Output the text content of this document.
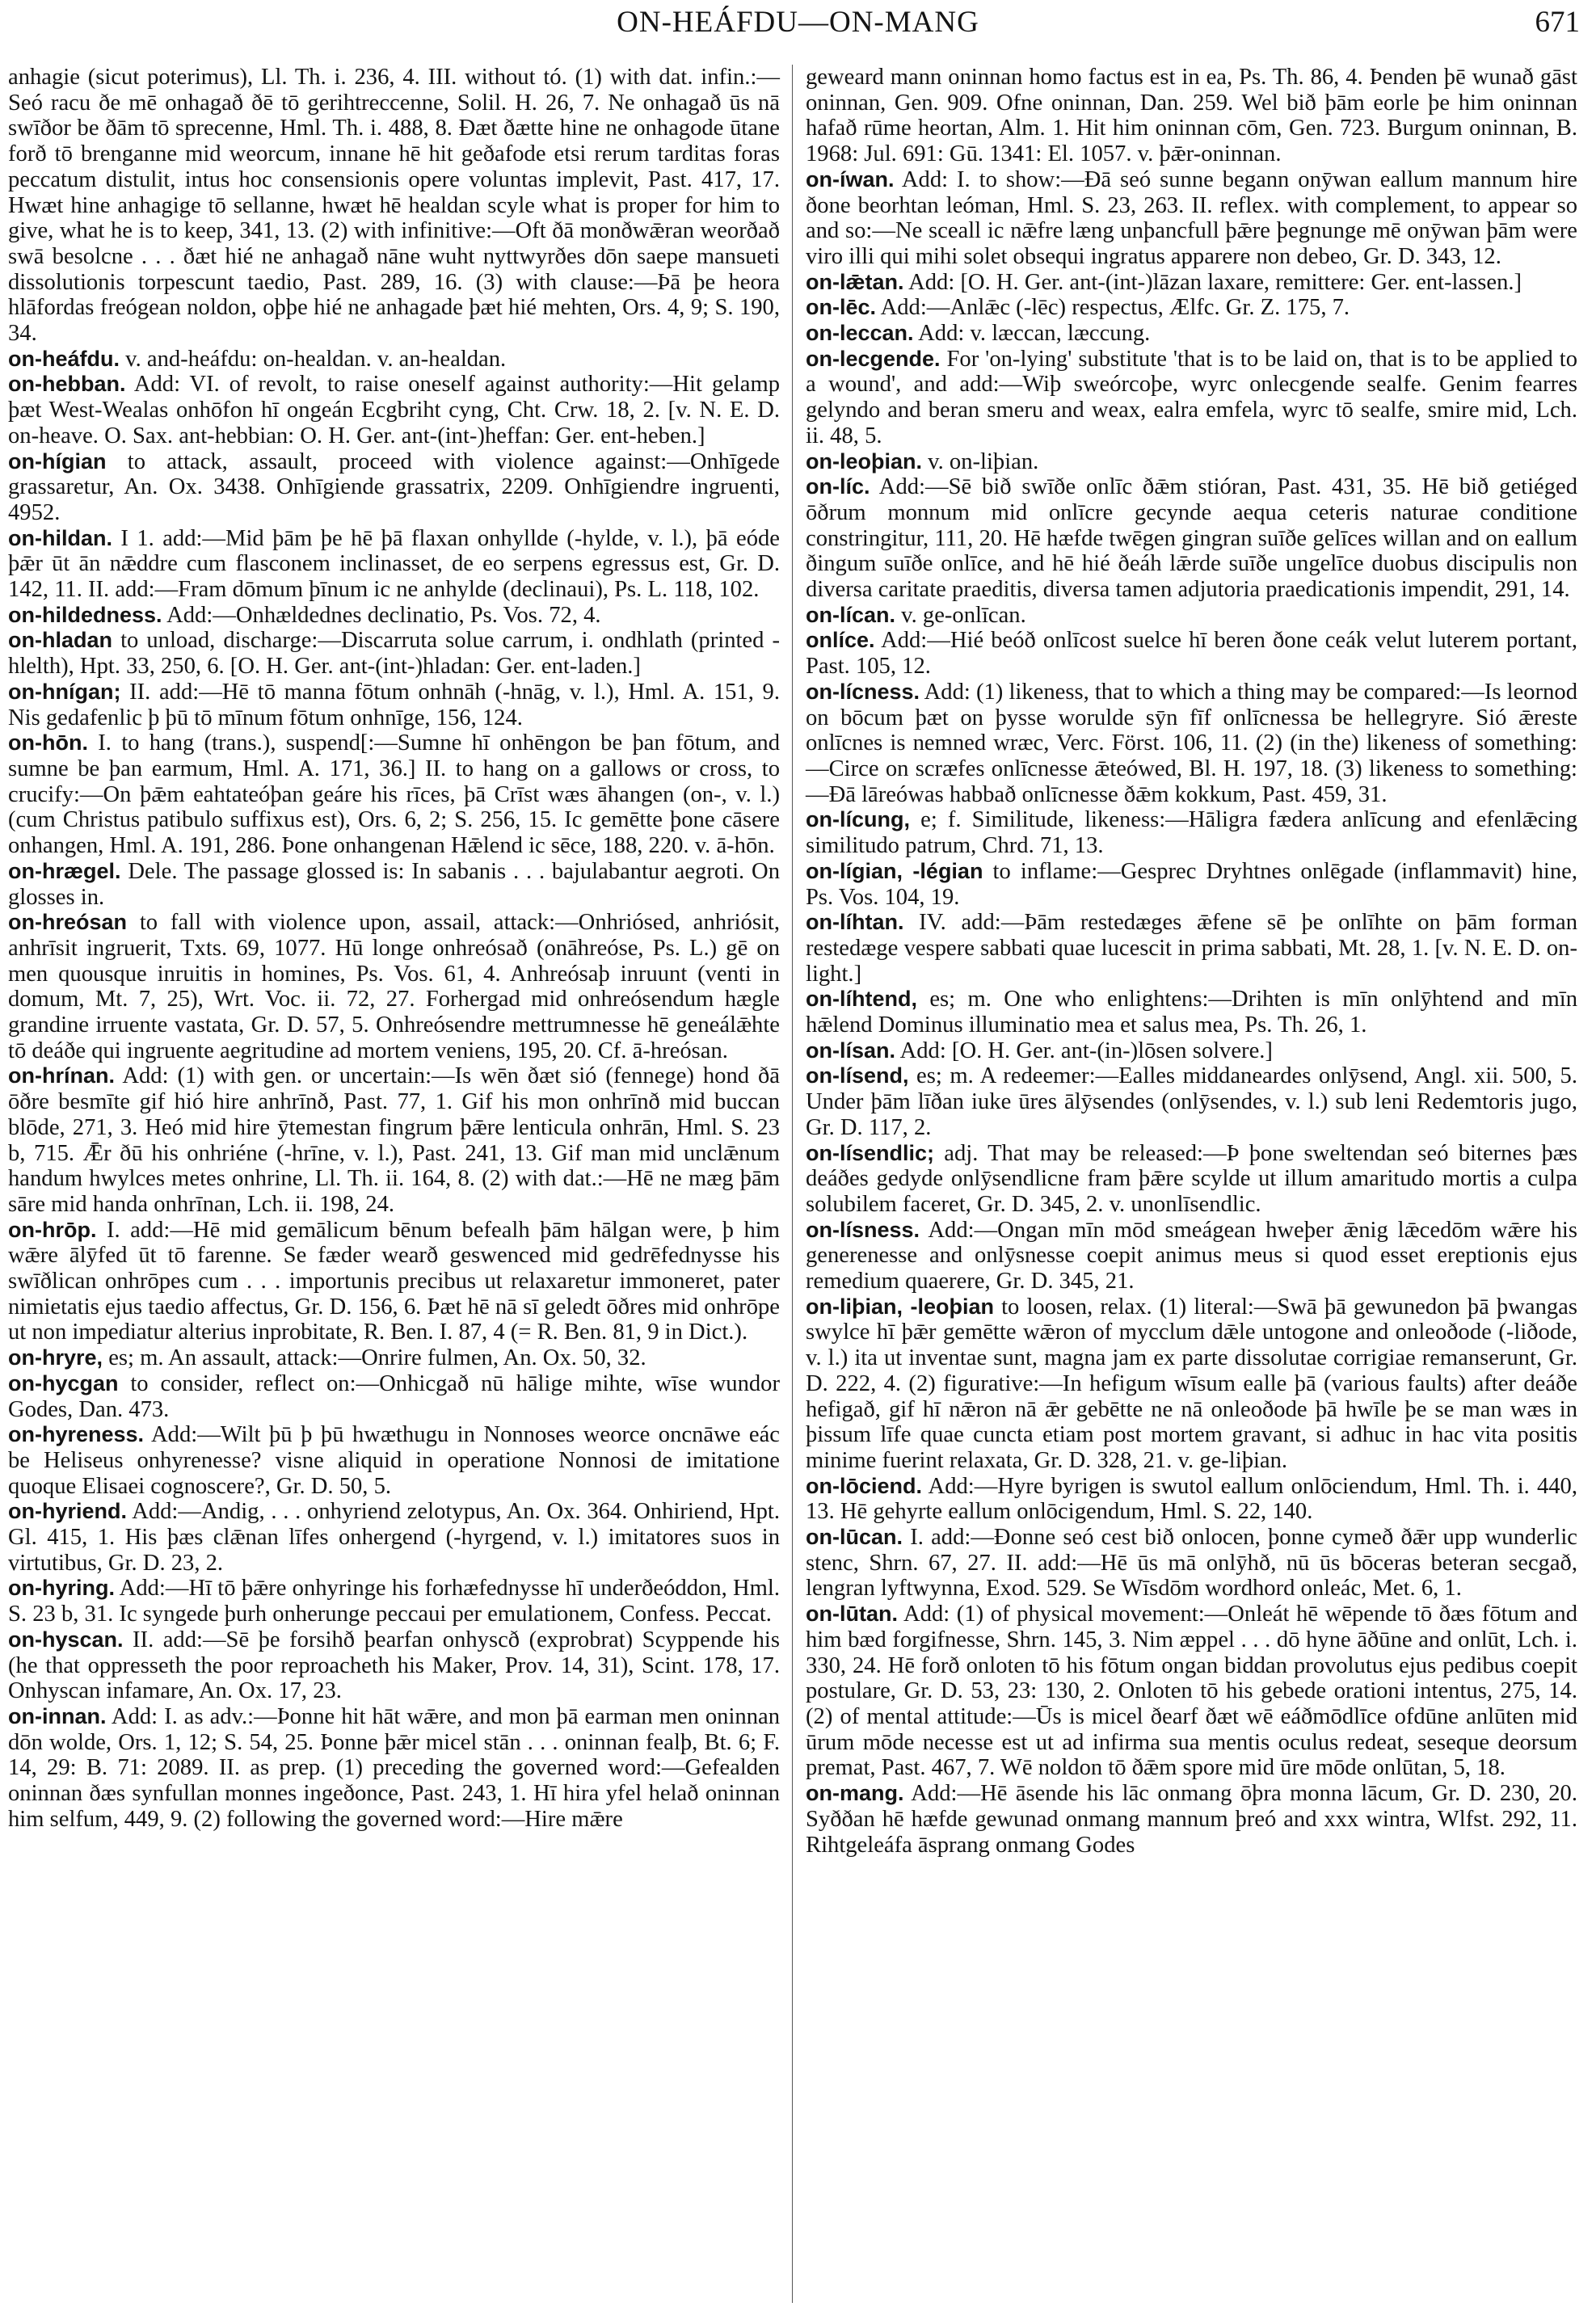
ON-HEÁFDU—ON-MANG	671

anhagie (sicut poterimus), Ll. Th. i. 236, 4. III. without tó. (1) with dat. infin.:—Seó racu ðe mē onhagað ðē tō gerihtreccenne, Solil. H. 26, 7. Ne onhagað ūs nā swīðor be ðām tō sprecenne, Hml. Th. i. 488, 8. Ðæt ðætte hine ne onhagode ūtane forð tō brenganne mid weorcum, innane hē hit geðafode etsi rerum tarditas foras peccatum distulit, intus hoc consensionis opere voluntas implevit, Past. 417, 17. Hwæt hine anhagige tō sellanne, hwæt hē healdan scyle what is proper for him to give, what he is to keep, 341, 13. (2) with infinitive:—Oft ðā monðwǣran weorðað swā besolcne . . . ðæt hié ne anhagað nāne wuht nyttwyrðes dōn saepe mansueti dissolutionis torpescunt taedio, Past. 289, 16. (3) with clause:—Þā þe heora hlāfordas freógean noldon, oþþe hié ne anhagade þæt hié mehten, Ors. 4, 9; S. 190, 34.

on-heáfdu. v. and-heáfdu: on-healdan. v. an-healdan.

on-hebban. Add: VI. of revolt, to raise oneself against authority:—Hit gelamp þæt West-Wealas onhōfon hī ongeán Ecgbriht cyng, Cht. Crw. 18, 2. [v. N. E. D. on-heave. O. Sax. ant-hebbian: O. H. Ger. ant-(int-)heffan: Ger. ent-heben.]

on-hígian to attack, assault, proceed with violence against:—Onhīgede grassaretur, An. Ox. 3438. Onhīgiende grassatrix, 2209. Onhīgiendre ingruenti, 4952.

on-hildan. I 1. add:—Mid þām þe hē þā flaxan onhyllde (-hylde, v. l.), þā eóde þǣr ūt ān nǣddre cum flasconem inclinasset, de eo serpens egressus est, Gr. D. 142, 11. II. add:—Fram dōmum þīnum ic ne anhylde (declinaui), Ps. L. 118, 102.

on-hildedness. Add:—Onhældednes declinatio, Ps. Vos. 72, 4.

on-hladan to unload, discharge:—Discarruta solue carrum, i. ondhlath (printed -hlelth), Hpt. 33, 250, 6. [O. H. Ger. ant-(int-)hladan: Ger. ent-laden.]

on-hnígan; II. add:—Hē tō manna fōtum onhnāh (-hnāg, v. l.), Hml. A. 151, 9. Nis gedafenlic þ þū tō mīnum fōtum onhnīge, 156, 124.

on-hōn. I. to hang (trans.), suspend[:—Sumne hī onhēngon be þan fōtum, and sumne be þan earmum, Hml. A. 171, 36.] II. to hang on a gallows or cross, to crucify:—On þǣm eahtateóþan geáre his rīces, þā Crīst wæs āhangen (on-, v. l.) (cum Christus patibulo suffixus est), Ors. 6, 2; S. 256, 15. Ic gemētte þone cāsere onhangen, Hml. A. 191, 286. Þone onhangenan Hǣlend ic sēce, 188, 220. v. ā-hōn.

on-hrægel. Dele. The passage glossed is: In sabanis . . . bajulabantur aegroti. On glosses in.

on-hreósan to fall with violence upon, assail, attack:—Onhriósed, anhriósit, anhrīsit ingruerit, Txts. 69, 1077. Hū longe onhreósað (onāhreóse, Ps. L.) gē on men quousque inruitis in homines, Ps. Vos. 61, 4. Anhreósaþ inruunt (venti in domum, Mt. 7, 25), Wrt. Voc. ii. 72, 27. Forhergad mid onhreósendum hægle grandine irruente vastata, Gr. D. 57, 5. Onhreósendre mettrumnesse hē geneálǣhte tō deáðe qui ingruente aegritudine ad mortem veniens, 195, 20. Cf. ā-hreósan.

on-hrínan. Add: (1) with gen. or uncertain:—Is wēn ðæt sió (fennege) hond ðā ōðre besmīte gif hió hire anhrīnð, Past. 77, 1. Gif his mon onhrīnð mid buccan blōde, 271, 3. Heó mid hire ȳtemestan fingrum þǣre lenticula onhrān, Hml. S. 23 b, 715. Ǣr ðū his onhriéne (-hrīne, v. l.), Past. 241, 13. Gif man mid unclǣnum handum hwylces metes onhrine, Ll. Th. ii. 164, 8. (2) with dat.:—Hē ne mæg þām sāre mid handa onhrīnan, Lch. ii. 198, 24.

on-hrōp. I. add:—Hē mid gemālicum bēnum befealh þām hālgan were, þ him wǣre ālȳfed ūt tō farenne. Se fæder wearð geswenced mid gedrēfednysse his swīðlican onhrōpes cum . . . importunis precibus ut relaxaretur immoneret, pater nimietatis ejus taedio affectus, Gr. D. 156, 6. Þæt hē nā sī geledt ōðres mid onhrōpe ut non impediatur alterius inprobitate, R. Ben. I. 87, 4 (= R. Ben. 81, 9 in Dict.).

on-hryre, es; m. An assault, attack:—Onrire fulmen, An. Ox. 50, 32.

on-hycgan to consider, reflect on:—Onhicgað nū hālige mihte, wīse wundor Godes, Dan. 473.

on-hyreness. Add:—Wilt þū þ þū hwæthugu in Nonnoses weorce oncnāwe eác be Heliseus onhyrenesse? visne aliquid in operatione Nonnosi de imitatione quoque Elisaei cognoscere?, Gr. D. 50, 5.

on-hyriend. Add:—Andig, . . . onhyriend zelotypus, An. Ox. 364. Onhiriend, Hpt. Gl. 415, 1. His þæs clǣnan līfes onhergend (-hyrgend, v. l.) imitatores suos in virtutibus, Gr. D. 23, 2.

on-hyring. Add:—Hī tō þǣre onhyringe his forhæfednysse hī underðeóddon, Hml. S. 23 b, 31. Ic syngede þurh onherunge peccaui per emulationem, Confess. Peccat.

on-hyscan. II. add:—Sē þe forsihð þearfan onhyscð (exprobrat) Scyppende his (he that oppresseth the poor reproacheth his Maker, Prov. 14, 31), Scint. 178, 17. Onhyscan infamare, An. Ox. 17, 23.

on-innan. Add: I. as adv.:—Þonne hit hāt wǣre, and mon þā earman men oninnan dōn wolde, Ors. 1, 12; S. 54, 25. Þonne þǣr micel stān . . . oninnan fealþ, Bt. 6; F. 14, 29: B. 71: 2089. II. as prep. (1) preceding the governed word:—Gefealden oninnan ðæs synfullan monnes ingeðonce, Past. 243, 1. Hī hira yfel helað oninnan him selfum, 449, 9. (2) following the governed word:—Hire mǣre

geweard mann oninnan homo factus est in ea, Ps. Th. 86, 4. Þenden þē wunað gāst oninnan, Gen. 909. Ofne oninnan, Dan. 259. Wel bið þām eorle þe him oninnan hafað rūme heortan, Alm. 1. Hit him oninnan cōm, Gen. 723. Burgum oninnan, B. 1968: Jul. 691: Gū. 1341: El. 1057. v. þǣr-oninnan.

on-íwan. Add: I. to show:—Ðā seó sunne begann onȳwan eallum mannum hire ðone beorhtan leóman, Hml. S. 23, 263. II. reflex. with complement, to appear so and so:—Ne sceall ic nǣfre læng unþancfull þǣre þegnunge mē onȳwan þām were viro illi qui mihi solet obsequi ingratus apparere non debeo, Gr. D. 343, 12.

on-lǣtan. Add: [O. H. Ger. ant-(int-)lāzan laxare, remittere: Ger. ent-lassen.]

on-lēc. Add:—Anlǣc (-lēc) respectus, Ælfc. Gr. Z. 175, 7.

on-leccan. Add: v. læccan, læccung.

on-lecgende. For 'on-lying' substitute 'that is to be laid on, that is to be applied to a wound', and add:—Wiþ sweórcoþe, wyrc onlecgende sealfe. Genim fearres gelyndo and beran smeru and weax, ealra emfela, wyrc tō sealfe, smire mid, Lch. ii. 48, 5.

on-leoþian. v. on-liþian.

on-líc. Add:—Sē bið swīðe onlīc ðǣm stióran, Past. 431, 35. Hē bið getiéged ōðrum monnum mid onlīcre gecynde aequa ceteris naturae conditione constringitur, 111, 20. Hē hæfde twēgen gingran suīðe gelīces willan and on eallum ðingum suīðe onlīce, and hē hié ðeáh lǣrde suīðe ungelīce duobus discipulis non diversa caritate praeditis, diversa tamen adjutoria praedicationis impendit, 291, 14.

on-lícan. v. ge-onlīcan.

onlíce. Add:—Hié beóð onlīcost suelce hī beren ðone ceák velut luterem portant, Past. 105, 12.

on-lícness. Add: (1) likeness, that to which a thing may be compared:—Is leornod on bōcum þæt on þysse worulde sȳn fīf onlīcnessa be hellegryre. Sió ǣreste onlīcnes is nemned wræc, Verc. Först. 106, 11. (2) (in the) likeness of something:—Circe on scræfes onlīcnesse ǣteówed, Bl. H. 197, 18. (3) likeness to something:—Ðā lāreówas habbað onlīcnesse ðǣm kokkum, Past. 459, 31.

on-lícung, e; f. Similitude, likeness:—Hāligra fædera anlīcung and efenlǣcing similitudo patrum, Chrd. 71, 13.

on-lígian, -légian to inflame:—Gesprec Dryhtnes onlēgade (inflammavit) hine, Ps. Vos. 104, 19.

on-líhtan. IV. add:—Þām restedæges ǣfene sē þe onlīhte on þām forman restedæge vespere sabbati quae lucescit in prima sabbati, Mt. 28, 1. [v. N. E. D. on-light.]

on-líhtend, es; m. One who enlightens:—Drihten is mīn onlȳhtend and mīn hǣlend Dominus illuminatio mea et salus mea, Ps. Th. 26, 1.

on-lísan. Add: [O. H. Ger. ant-(in-)lōsen solvere.]

on-lísend, es; m. A redeemer:—Ealles middaneardes onlȳsend, Angl. xii. 500, 5. Under þām līðan iuke ūres ālȳsendes (onlȳsendes, v. l.) sub leni Redemtoris jugo, Gr. D. 117, 2.

on-lísendlic; adj. That may be released:—Þ þone sweltendan seó biternes þæs deáðes gedyde onlȳsendlicne fram þǣre scylde ut illum amaritudo mortis a culpa solubilem faceret, Gr. D. 345, 2. v. unonlīsendlic.

on-lísness. Add:—Ongan mīn mōd smeágean hweþer ǣnig lǣcedōm wǣre his generenesse and onlȳsnesse coepit animus meus si quod esset ereptionis ejus remedium quaerere, Gr. D. 345, 21.

on-liþian, -leoþian to loosen, relax. (1) literal:—Swā þā gewunedon þā þwangas swylce hī þǣr gemētte wǣron of mycclum dǣle untogone and onleoðode (-liðode, v. l.) ita ut inventae sunt, magna jam ex parte dissolutae corrigiae remanserunt, Gr. D. 222, 4. (2) figurative:—In hefigum wīsum ealle þā (various faults) after deáðe hefigað, gif hī nǣron nā ǣr gebētte ne nā onleoðode þā hwīle þe se man wæs in þissum līfe quae cuncta etiam post mortem gravant, si adhuc in hac vita positis minime fuerint relaxata, Gr. D. 328, 21. v. ge-liþian.

on-lōciend. Add:—Hyre byrigen is swutol eallum onlōciendum, Hml. Th. i. 440, 13. Hē gehyrte eallum onlōcigendum, Hml. S. 22, 140.

on-lūcan. I. add:—Ðonne seó cest bið onlocen, þonne cymeð ðǣr upp wunderlic stenc, Shrn. 67, 27. II. add:—Hē ūs mā onlȳhð, nū ūs bōceras beteran secgað, lengran lyftwynna, Exod. 529. Se Wīsdōm wordhord onleác, Met. 6, 1.

on-lūtan. Add: (1) of physical movement:—Onleát hē wēpende tō ðæs fōtum and him bæd forgifnesse, Shrn. 145, 3. Nim æppel . . . dō hyne āðūne and onlūt, Lch. i. 330, 24. Hē forð onloten tō his fōtum ongan biddan provolutus ejus pedibus coepit postulare, Gr. D. 53, 23: 130, 2. Onloten tō his gebede orationi intentus, 275, 14. (2) of mental attitude:—Ūs is micel ðearf ðæt wē eáðmōdlīce ofdūne anlūten mid ūrum mōde necesse est ut ad infirma sua mentis oculus redeat, seseque deorsum premat, Past. 467, 7. Wē noldon tō ðǣm spore mid ūre mōde onlūtan, 5, 18.

on-mang. Add:—Hē āsende his lāc onmang ōþra monna lācum, Gr. D. 230, 20. Syððan hē hæfde gewunad onmang mannum þreó and xxx wintra, Wlfst. 292, 11. Rihtgeleáfa āsprang onmang Godes
